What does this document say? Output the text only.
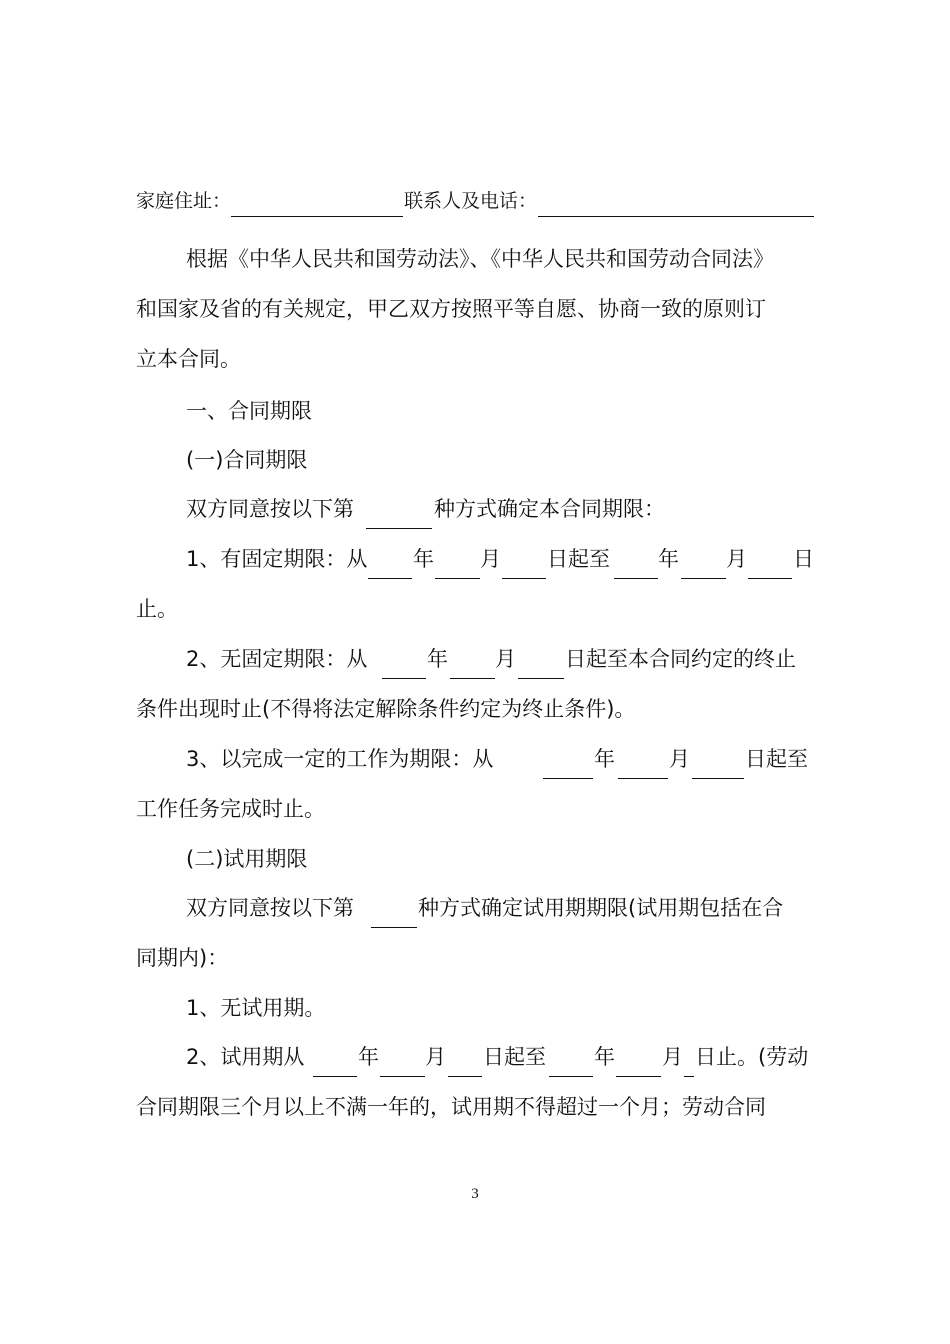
家庭住址：	联系人及电话：
根据《中华人民共和国劳动法》、《中华人民共和国劳动合同法》
和国家及省的有关规定，甲乙双方按照平等自愿、协商一致的原则订
立本合同。
一、合同期限
(一)合同期限
双方同意按以下第	种方式确定本合同期限：
1、有固定期限：从 年 月 日起至 年 月 日
止。
2、无固定期限：从	年 月 日起至本合同约定的终止
条件出现时止(不得将法定解除条件约定为终止条件)。
3、以完成一定的工作为期限：从	年	月	日起至
工作任务完成时止。
(二)试用期限
双方同意按以下第	种方式确定试用期期限(试用期包括在合
同期内)：
1、无试用期。
2、试用期从	年 月 日起至 年 月 日止。(劳动
合同期限三个月以上不满一年的，试用期不得超过一个月；劳动合同
3
